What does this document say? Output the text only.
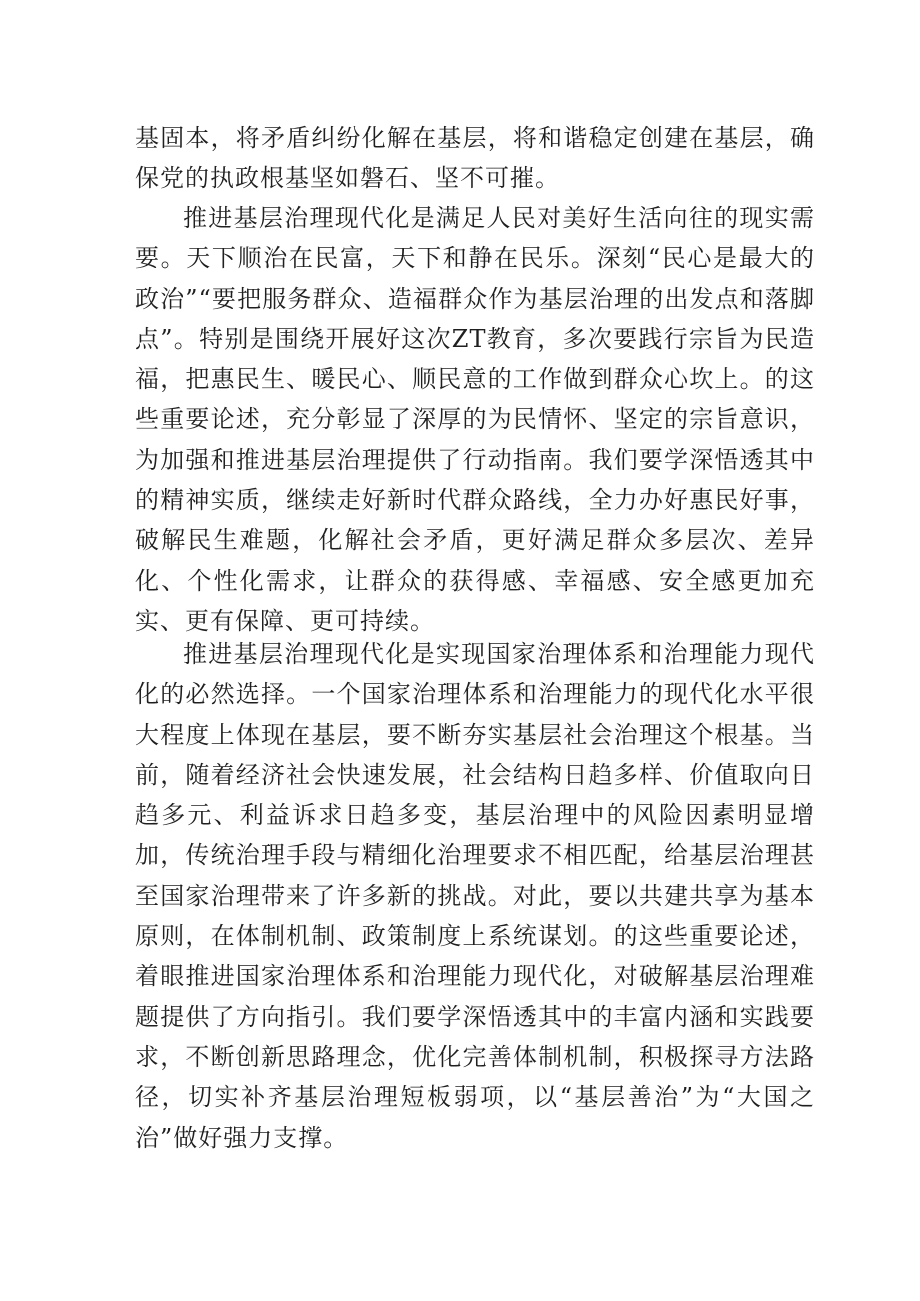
基固本，将矛盾纠纷化解在基层，将和谐稳定创建在基层，确保党的执政根基坚如磐石、坚不可摧。

推进基层治理现代化是满足人民对美好生活向往的现实需要。天下顺治在民富，天下和静在民乐。深刻“民心是最大的政治”“要把服务群众、造福群众作为基层治理的出发点和落脚点”。特别是围绕开展好这次ZT教育，多次要践行宗旨为民造福，把惠民生、暖民心、顺民意的工作做到群众心坎上。的这些重要论述，充分彰显了深厚的为民情怀、坚定的宗旨意识，为加强和推进基层治理提供了行动指南。我们要学深悟透其中的精神实质，继续走好新时代群众路线，全力办好惠民好事，破解民生难题，化解社会矛盾，更好满足群众多层次、差异化、个性化需求，让群众的获得感、幸福感、安全感更加充实、更有保障、更可持续。

推进基层治理现代化是实现国家治理体系和治理能力现代化的必然选择。一个国家治理体系和治理能力的现代化水平很大程度上体现在基层，要不断夯实基层社会治理这个根基。当前，随着经济社会快速发展，社会结构日趋多样、价值取向日趋多元、利益诉求日趋多变，基层治理中的风险因素明显增加，传统治理手段与精细化治理要求不相匹配，给基层治理甚至国家治理带来了许多新的挑战。对此，要以共建共享为基本原则，在体制机制、政策制度上系统谋划。的这些重要论述，着眼推进国家治理体系和治理能力现代化，对破解基层治理难题提供了方向指引。我们要学深悟透其中的丰富内涵和实践要求，不断创新思路理念，优化完善体制机制，积极探寻方法路径，切实补齐基层治理短板弱项，以“基层善治”为“大国之治”做好强力支撑。
